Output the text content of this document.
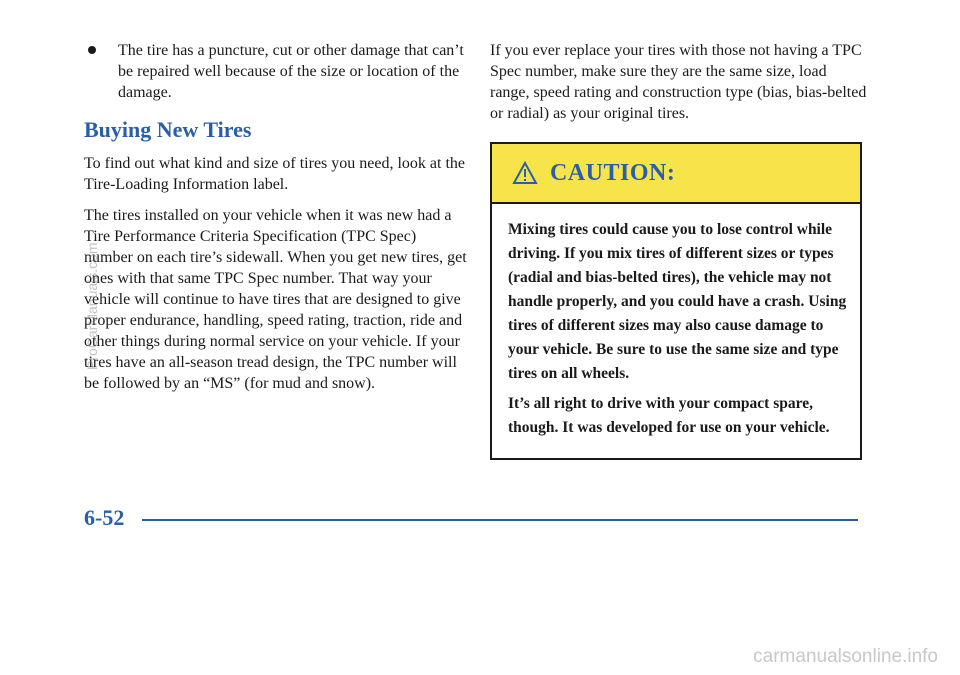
The tire has a puncture, cut or other damage that can’t be repaired well because of the size or location of the damage.
Buying New Tires

To find out what kind and size of tires you need, look at the Tire-Loading Information label.

The tires installed on your vehicle when it was new had a Tire Performance Criteria Specification (TPC Spec) number on each tire’s sidewall. When you get new tires, get ones with that same TPC Spec number. That way your vehicle will continue to have tires that are designed to give proper endurance, handling, speed rating, traction, ride and other things during normal service on your vehicle. If your tires have an all-season tread design, the TPC number will be followed by an “MS” (for mud and snow).

If you ever replace your tires with those not having a TPC Spec number, make sure they are the same size, load range, speed rating and construction type (bias, bias-belted or radial) as your original tires.

CAUTION:

Mixing tires could cause you to lose control while driving. If you mix tires of different sizes or types (radial and bias-belted tires), the vehicle may not handle properly, and you could have a crash. Using tires of different sizes may also cause damage to your vehicle. Be sure to use the same size and type tires on all wheels.

It’s all right to drive with your compact spare, though. It was developed for use on your vehicle.

6-52
ProCarManuals.com
carmanualsonline.info
